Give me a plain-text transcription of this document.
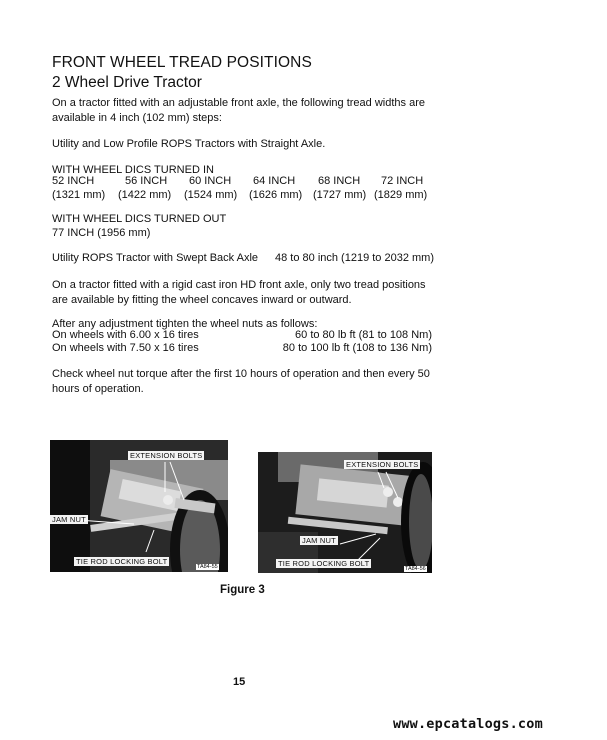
FRONT WHEEL TREAD POSITIONS
2 Wheel Drive Tractor
On a tractor fitted with an adjustable front axle, the following tread widths are
available in 4 inch (102 mm) steps:
Utility and Low Profile ROPS Tractors with Straight Axle.
WITH WHEEL DICS TURNED IN
52 INCH
(1321 mm)
56 INCH
(1422 mm)
60 INCH
(1524 mm)
64 INCH
(1626 mm)
68 INCH
(1727 mm)
72 INCH
(1829 mm)
WITH WHEEL DICS TURNED OUT
77 INCH (1956 mm)
Utility ROPS Tractor with Swept Back Axle 48 to 80 inch (1219 to 2032 mm)
On a tractor fitted with a rigid cast iron HD front axle, only two tread positions
are available by fitting the wheel concaves inward or outward.
After any adjustment tighten the wheel nuts as follows:
On wheels with 6.00 x 16 tires	60 to 80 lb ft (81 to 108 Nm)
On wheels with 7.50 x 16 tires	80 to 100 lb ft (108 to 136 Nm)
Check wheel nut torque after the first 10 hours of operation and then every 50
hours of operation.
EXTENSION BOLTS
JAM NUT
TIE ROD LOCKING BOLT
TA84-55
EXTENSION BOLTS
JAM NUT
TIE ROD LOCKING BOLT
TA84-56
Figure 3
15
www.epcatalogs.com
